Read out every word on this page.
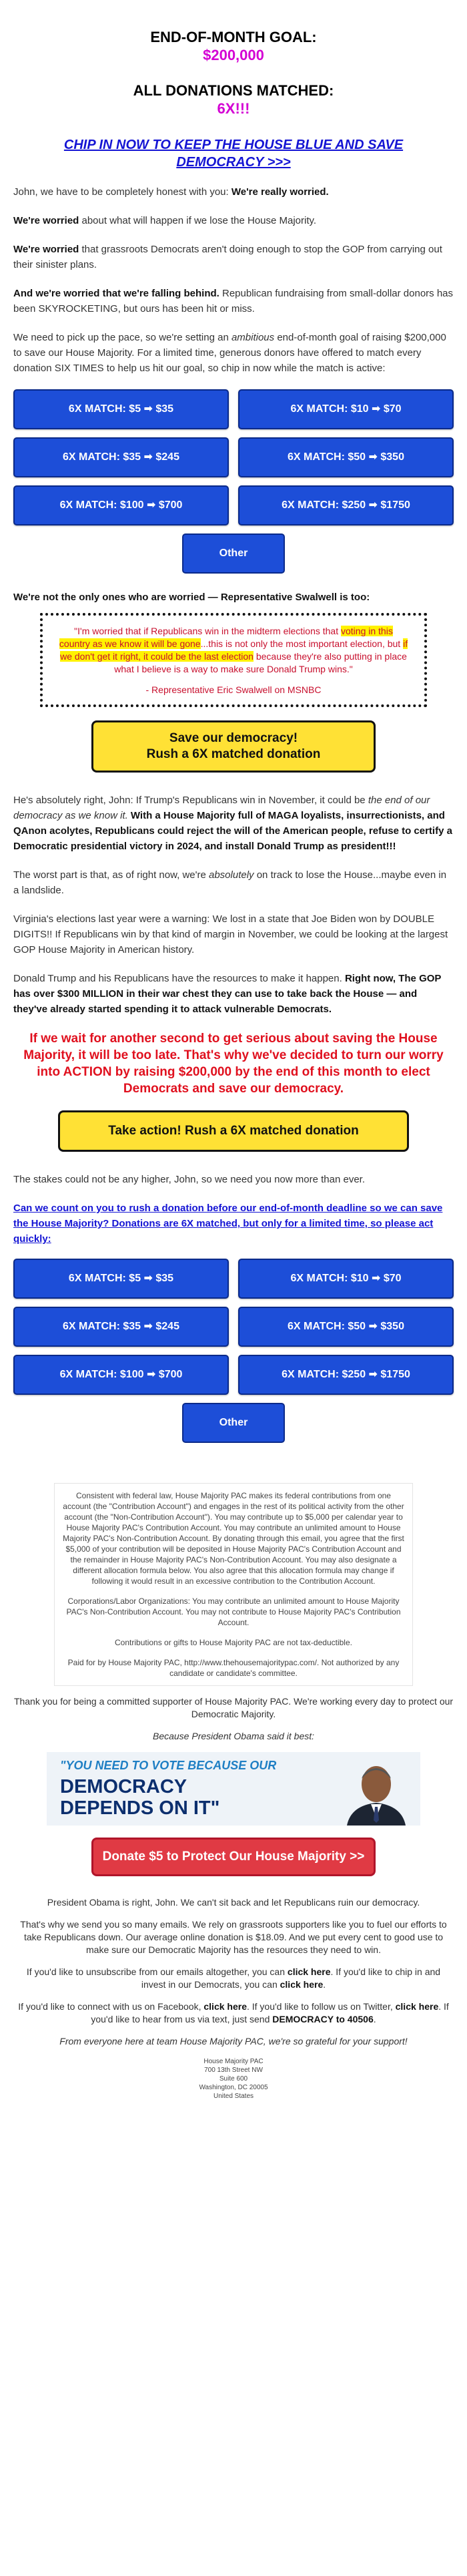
END-OF-MONTH GOAL:
$200,000
ALL DONATIONS MATCHED:
6X!!!
CHIP IN NOW TO KEEP THE HOUSE BLUE AND SAVE DEMOCRACY >>>

John, we have to be completely honest with you: We're really worried.

We're worried about what will happen if we lose the House Majority.

We're worried that grassroots Democrats aren't doing enough to stop the GOP from carrying out their sinister plans.

And we're worried that we're falling behind. Republican fundraising from small-dollar donors has been SKYROCKETING, but ours has been hit or miss.

We need to pick up the pace, so we're setting an ambitious end-of-month goal of raising $200,000 to save our House Majority. For a limited time, generous donors have offered to match every donation SIX TIMES to help us hit our goal, so chip in now while the match is active:

6X MATCH: $5 ➡ $35	6X MATCH: $10 ➡ $70
6X MATCH: $35 ➡ $245	6X MATCH: $50 ➡ $350
6X MATCH: $100 ➡ $700	6X MATCH: $250 ➡ $1750
Other

We're not the only ones who are worried — Representative Swalwell is too:

"I'm worried that if Republicans win in the midterm elections that voting in this country as we know it will be gone...this is not only the most important election, but if we don't get it right, it could be the last election because they're also putting in place what I believe is a way to make sure Donald Trump wins."
- Representative Eric Swalwell on MSNBC
Save our democracy!
Rush a 6X matched donation

He's absolutely right, John: If Trump's Republicans win in November, it could be the end of our democracy as we know it. With a House Majority full of MAGA loyalists, insurrectionists, and QAnon acolytes, Republicans could reject the will of the American people, refuse to certify a Democratic presidential victory in 2024, and install Donald Trump as president!!!

The worst part is that, as of right now, we're absolutely on track to lose the House...maybe even in a landslide.

Virginia's elections last year were a warning: We lost in a state that Joe Biden won by DOUBLE DIGITS!! If Republicans win by that kind of margin in November, we could be looking at the largest GOP House Majority in American history.

Donald Trump and his Republicans have the resources to make it happen. Right now, The GOP has over $300 MILLION in their war chest they can use to take back the House — and they've already started spending it to attack vulnerable Democrats.

If we wait for another second to get serious about saving the House Majority, it will be too late. That's why we've decided to turn our worry into ACTION by raising $200,000 by the end of this month to elect Democrats and save our democracy.
Take action! Rush a 6X matched donation

The stakes could not be any higher, John, so we need you now more than ever.

Can we count on you to rush a donation before our end-of-month deadline so we can save the House Majority? Donations are 6X matched, but only for a limited time, so please act quickly:
6X MATCH: $5 ➡ $35	6X MATCH: $10 ➡ $70
6X MATCH: $35 ➡ $245	6X MATCH: $50 ➡ $350
6X MATCH: $100 ➡ $700	6X MATCH: $250 ➡ $1750
Other

Consistent with federal law, House Majority PAC makes its federal contributions from one account (the "Contribution Account") and engages in the rest of its political activity from the other account (the "Non-Contribution Account"). You may contribute up to $5,000 per calendar year to House Majority PAC's Contribution Account. You may contribute an unlimited amount to House Majority PAC's Non-Contribution Account. By donating through this email, you agree that the first $5,000 of your contribution will be deposited in House Majority PAC's Contribution Account and the remainder in House Majority PAC's Non-Contribution Account. You may also designate a different allocation formula below. You also agree that this allocation formula may change if following it would result in an excessive contribution to the Contribution Account.

Corporations/Labor Organizations: You may contribute an unlimited amount to House Majority PAC's Non-Contribution Account. You may not contribute to House Majority PAC's Contribution Account.

Contributions or gifts to House Majority PAC are not tax-deductible.

Paid for by House Majority PAC, http://www.thehousemajoritypac.com/. Not authorized by any candidate or candidate's committee.

Thank you for being a committed supporter of House Majority PAC. We're working every day to protect our Democratic Majority.

Because President Obama said it best:

"YOU NEED TO VOTE BECAUSE OUR
DEMOCRACY
DEPENDS ON IT"
Donate $5 to Protect Our House Majority >>

President Obama is right, John. We can't sit back and let Republicans ruin our democracy.

That's why we send you so many emails. We rely on grassroots supporters like you to fuel our efforts to take Republicans down. Our average online donation is $18.09. And we put every cent to good use to make sure our Democratic Majority has the resources they need to win.

If you'd like to unsubscribe from our emails altogether, you can click here. If you'd like to chip in and invest in our Democrats, you can click here.

If you'd like to connect with us on Facebook, click here. If you'd like to follow us on Twitter, click here. If you'd like to hear from us via text, just send DEMOCRACY to 40506.

From everyone here at team House Majority PAC, we're so grateful for your support!

House Majority PAC
700 13th Street NW
Suite 600
Washington, DC 20005
United States
